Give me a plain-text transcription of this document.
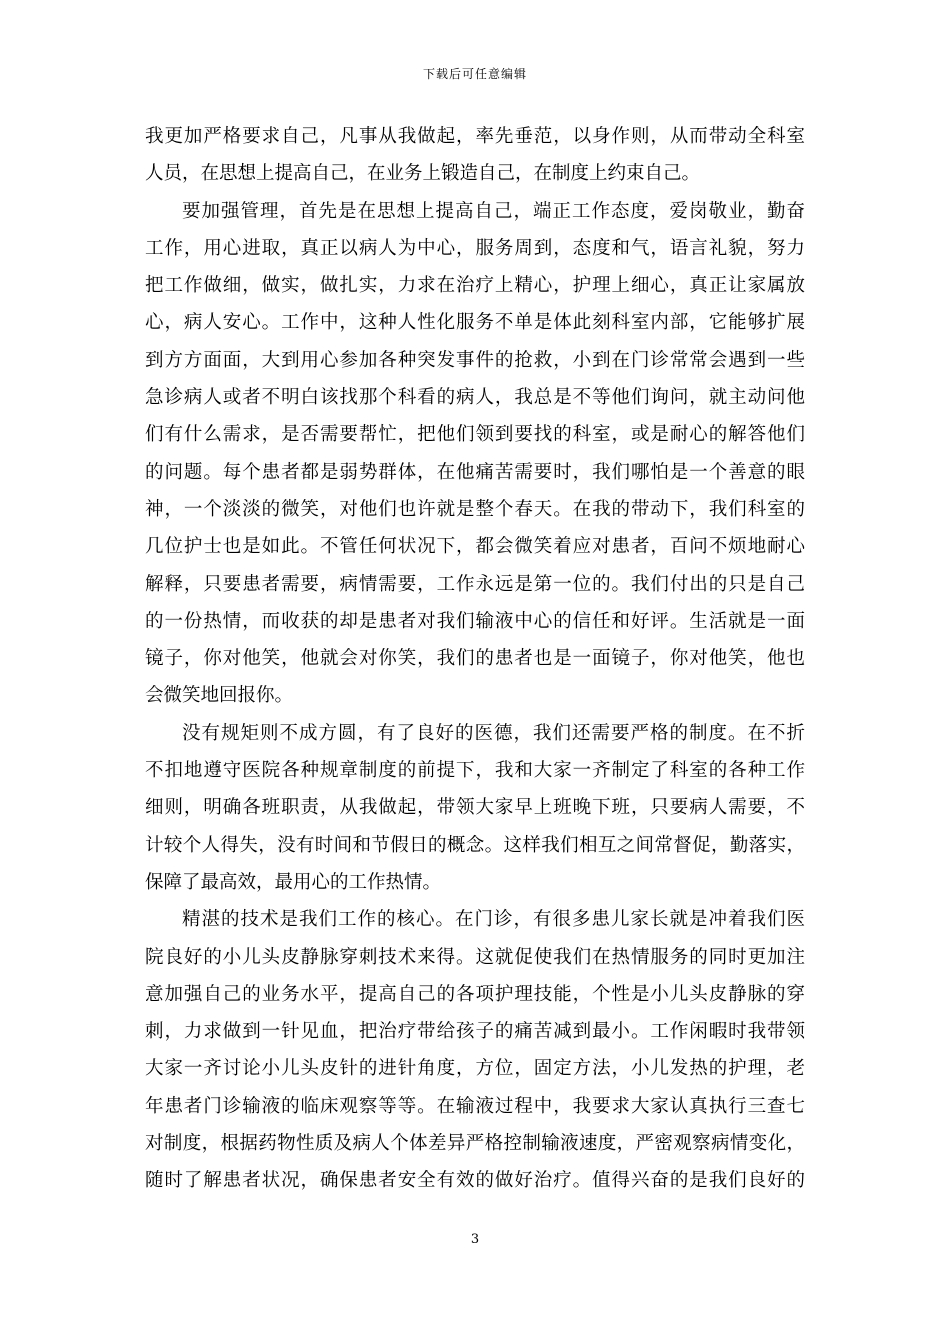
下载后可任意编辑
我更加严格要求自己，凡事从我做起，率先垂范，以身作则，从而带动全科室
人员，在思想上提高自己，在业务上锻造自己，在制度上约束自己。
要加强管理，首先是在思想上提高自己，端正工作态度，爱岗敬业，勤奋
工作，用心进取，真正以病人为中心，服务周到，态度和气，语言礼貌，努力
把工作做细，做实，做扎实，力求在治疗上精心，护理上细心，真正让家属放
心，病人安心。工作中，这种人性化服务不单是体此刻科室内部，它能够扩展
到方方面面，大到用心参加各种突发事件的抢救，小到在门诊常常会遇到一些
急诊病人或者不明白该找那个科看的病人，我总是不等他们询问，就主动问他
们有什么需求，是否需要帮忙，把他们领到要找的科室，或是耐心的解答他们
的问题。每个患者都是弱势群体，在他痛苦需要时，我们哪怕是一个善意的眼
神，一个淡淡的微笑，对他们也许就是整个春天。在我的带动下，我们科室的
几位护士也是如此。不管任何状况下，都会微笑着应对患者，百问不烦地耐心
解释，只要患者需要，病情需要，工作永远是第一位的。我们付出的只是自己
的一份热情，而收获的却是患者对我们输液中心的信任和好评。生活就是一面
镜子，你对他笑，他就会对你笑，我们的患者也是一面镜子，你对他笑，他也
会微笑地回报你。
没有规矩则不成方圆，有了良好的医德，我们还需要严格的制度。在不折
不扣地遵守医院各种规章制度的前提下，我和大家一齐制定了科室的各种工作
细则，明确各班职责，从我做起，带领大家早上班晚下班，只要病人需要，不
计较个人得失，没有时间和节假日的概念。这样我们相互之间常督促，勤落实，
保障了最高效，最用心的工作热情。
精湛的技术是我们工作的核心。在门诊，有很多患儿家长就是冲着我们医
院良好的小儿头皮静脉穿刺技术来得。这就促使我们在热情服务的同时更加注
意加强自己的业务水平，提高自己的各项护理技能，个性是小儿头皮静脉的穿
刺，力求做到一针见血，把治疗带给孩子的痛苦减到最小。工作闲暇时我带领
大家一齐讨论小儿头皮针的进针角度，方位，固定方法，小儿发热的护理，老
年患者门诊输液的临床观察等等。在输液过程中，我要求大家认真执行三查七
对制度，根据药物性质及病人个体差异严格控制输液速度，严密观察病情变化，
随时了解患者状况，确保患者安全有效的做好治疗。值得兴奋的是我们良好的
3
